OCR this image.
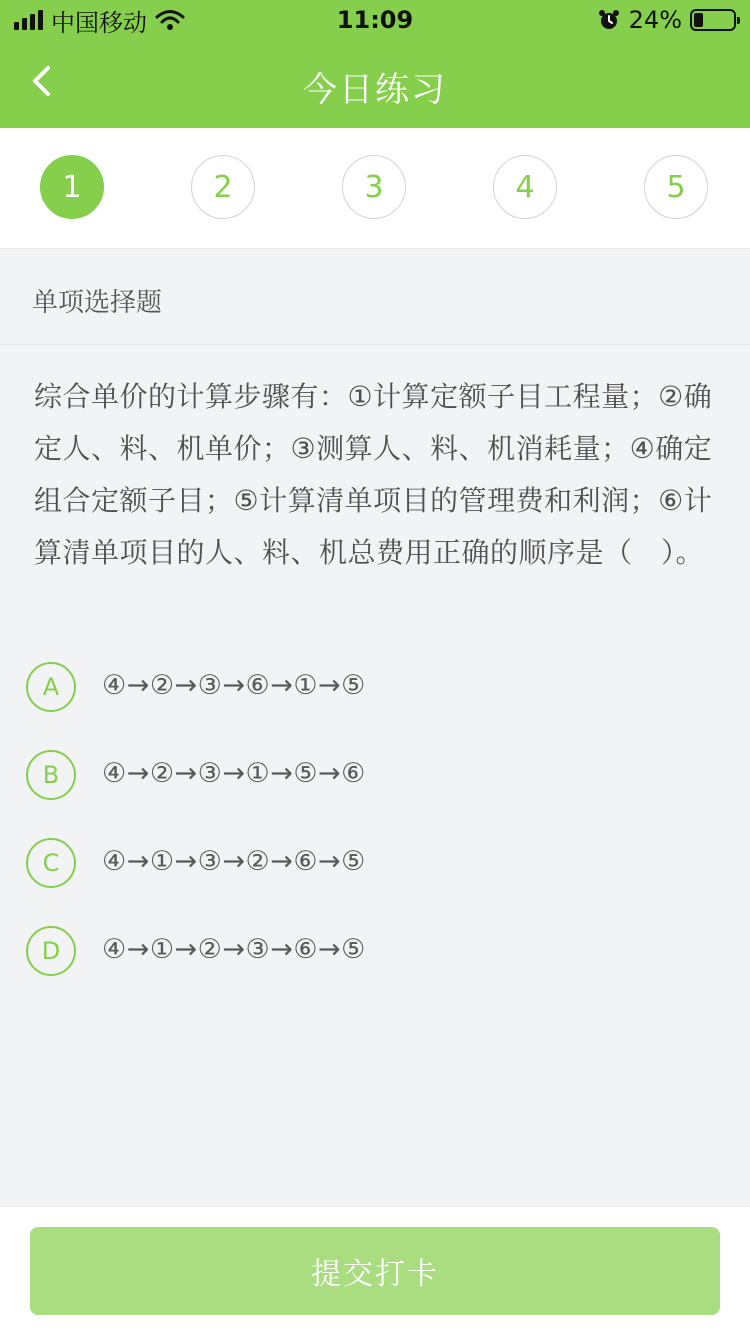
中国移动	11:09	24%
今日练习
1	2	3	4	5
单项选择题
综合单价的计算步骤有：①计算定额子目工程量；②确定人、料、机单价；③测算人、料、机消耗量；④确定组合定额子目；⑤计算清单项目的管理费和利润；⑥计算清单项目的人、料、机总费用正确的顺序是（　）。
A	④→②→③→⑥→①→⑤
B	④→②→③→①→⑤→⑥
C	④→①→③→②→⑥→⑤
D	④→①→②→③→⑥→⑤
提交打卡
